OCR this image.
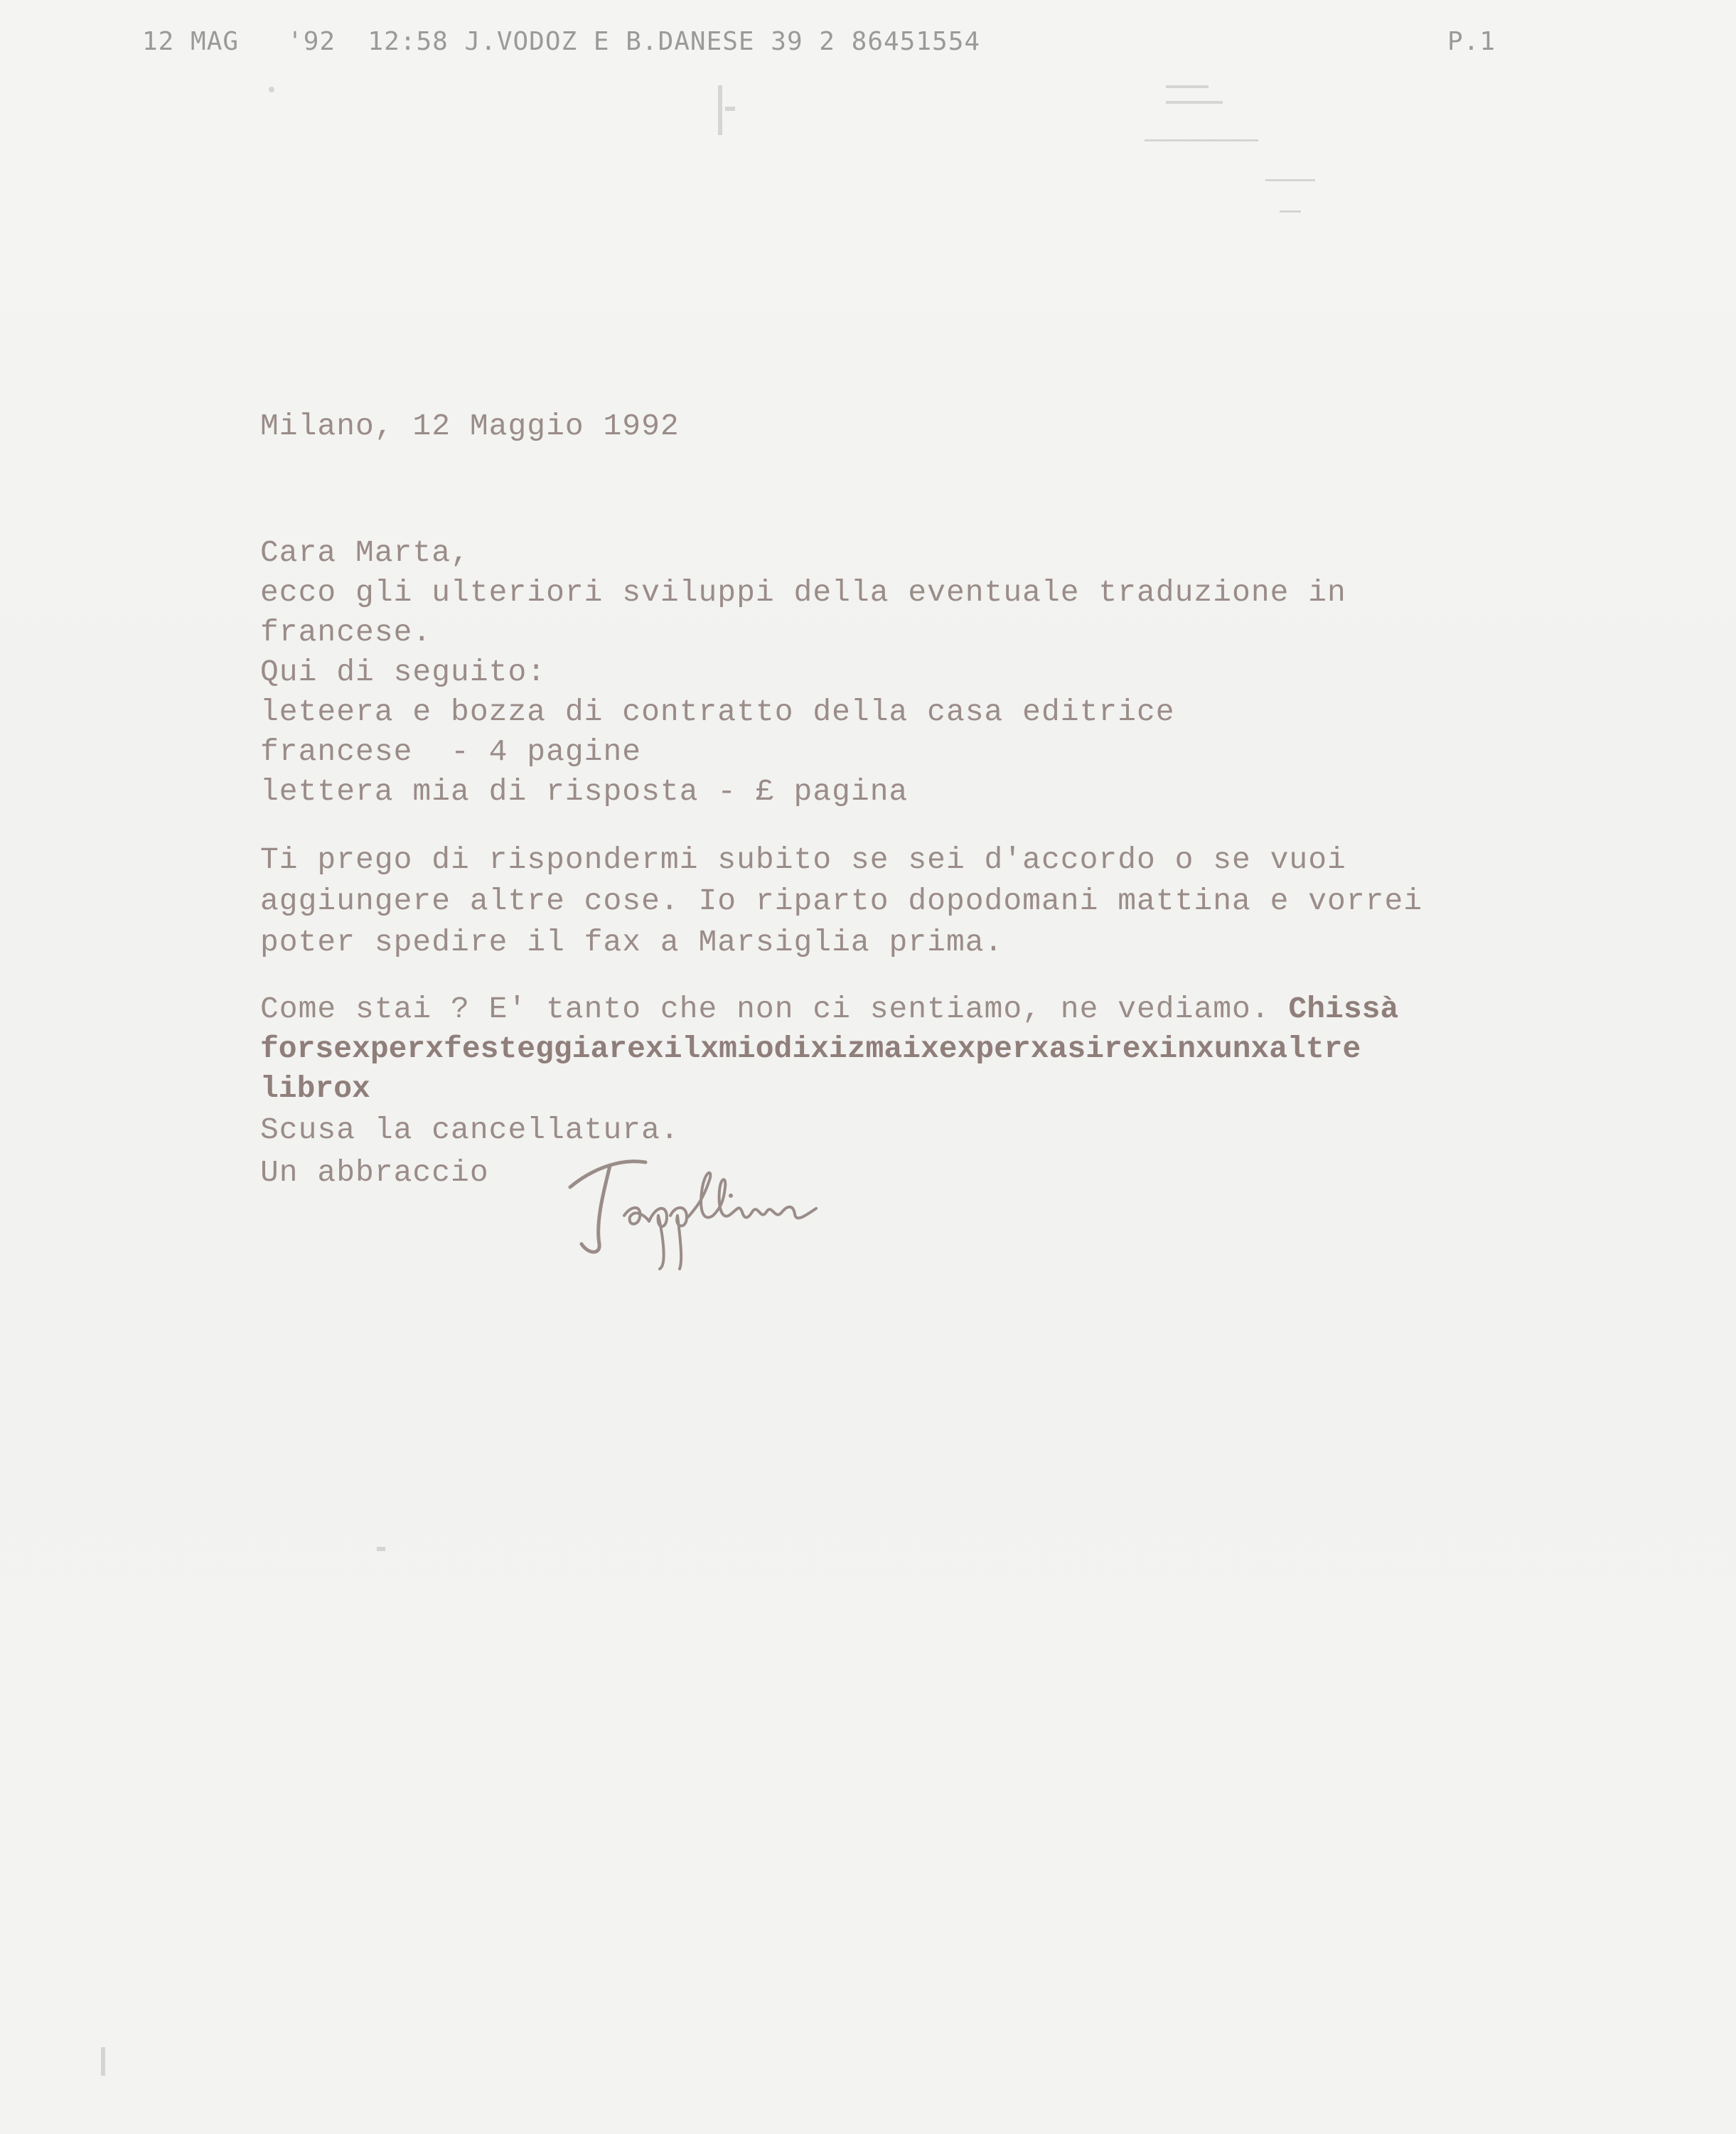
12 MAG   '92  12:58 J.VODOZ E B.DANESE 39 2 86451554

	P.1

Milano, 12 Maggio 1992
Cara Marta,
ecco gli ulteriori sviluppi della eventuale traduzione in
francese.
Qui di seguito:
leteera e bozza di contratto della casa editrice
francese  - 4 pagine
lettera mia di risposta - £ pagina
Ti prego di rispondermi subito se sei d'accordo o se vuoi
aggiungere altre cose. Io riparto dopodomani mattina e vorrei
poter spedire il fax a Marsiglia prima.
Come stai ? E' tanto che non ci sentiamo, ne vediamo. Chissà
forsexperxfesteggiarexilxmiodixizmaixexperxasirexinxunxaltre
librox
Scusa la cancellatura.
Un abbraccio
